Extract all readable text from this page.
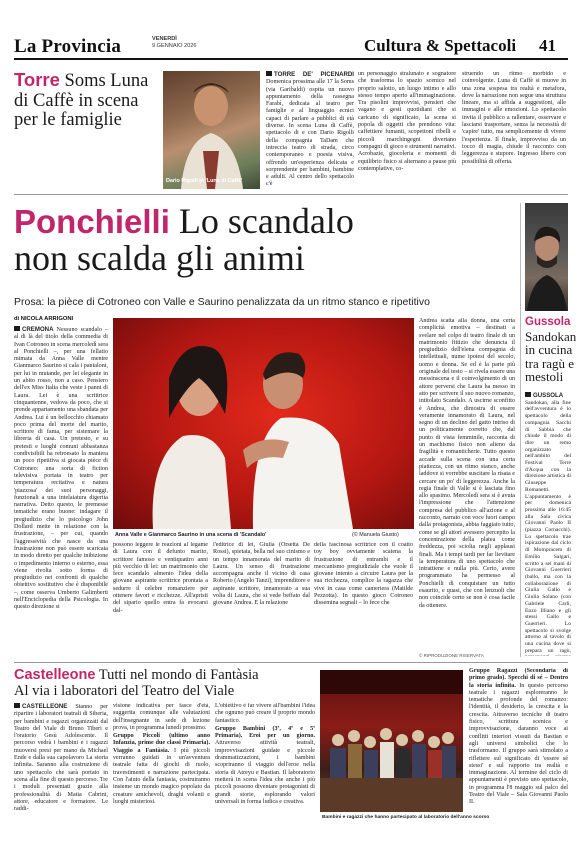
La Provincia	VENERDÌ
9 GENNAIO 2026	Cultura & Spettacoli 41
Torre Soms Luna di Caffè in scena per le famiglie
Dario Rigolli in 'Luna di Caffè'
TORRE DE' PICENARDI Domenica prossima alle 17 la Soms (via Garibaldi) ospita un nuovo appuntamento della rassegna Farabì, dedicata al teatro per famiglie e al linguaggio ecnici capaci di parlare a pubblici di età diverse. In scena Luna di Caffè, spettacolo di e con Dario Rigolli della compagnia TaDam che intreccia teatro di strada, circo contemporaneo e poesia visiva, offrendo un'esperienza delicata e sorprendente per bambini, bambine e adulti. Al centro dello spettacolo c'è
un personaggio stralunato e sognatore che trasforma lo spazio scenico nel proprio salotto, un luogo intimo e allo stesso tempo aperto all'immaginazione. Tra pisolini improvvisi, pensieri che vagano e gesti quotidiani che si caricano di significato, la scena si popola di oggetti che prendono vita: caffettiere fumanti, scopettoni ribelli e piccoli marchingegni divertano compagni di gioco e strumenti narrativi. Acrobazie, giocoleria e momenti di equilibrio fisico si alternano a pause più contemplative, co-
struendo un ritmo morbido e coinvolgente. Luna di Caffè si muove in una zona sospesa tra realtà e metafora, dove la narrazione non segue una struttura lineare, ma si affida a suggestioni, alle immagini e alle emozioni. Lo spettacolo invita il pubblico a rallentare, osservare e lasciarsi trasportare, senza la necessità di 'capire' tutto, ma semplicemente di vivere l'esperienza. Il finale, improvviso da un tocco di magia, chiude il racconto con leggerezza e stupore. Ingresso libero con possibilità di offerta.
Ponchielli Lo scandalo
non scalda gli animi
Prosa: la pièce di Cotroneo con Valle e Saurino penalizzata da un ritmo stanco e ripetitivo
di NICOLA ARRIGONI
CREMONA Nessuno scandalo – al di là del titolo della commedia di Ivan Cotroneo in scena mercoledì sera al Ponchielli –, per una fellatio mimata da Anna Valle mentre Gianmarco Saurino si cala i pantaloni, per lui in mutande, per lei elegante in un abito rosso, non a caso. Pensiero dell'ex Miss Italia che veste i panni di Laura. Lei è una scrittrice cinquantenne, vedova da poco, che si prende appartamento una sbandata per Andrea. Lui è un bellocchio chiamato poco prima del morte del marito, scrittore di fama, per sistemare la libreria di casa. Un pretesto, e su pretesti e luoghi comuni abbastanza condivisibili ha retroesato la maniera un poco ripetitiva si giocata pièce di Cotroneo: una sorta di fiction televisiva portata in teatro per temperatura recitativa e natura 'piazzosa' dei suoi personaggi, funzionali a una intelaiatura digerita narrativa. Detto questo, le premesse tematiche erano buone: indagare il pregiudizio che lo psicologo John Dollard mette in relazione con la frustrazione, – per cui, quando l'aggressività che nasce da una frustrazione non può essere scaricata in modo diretto per qualche inibizione o impedimento interno o esterno, essa viene rivolta sotto forma di pregiudizio nei confronti di qualche obiettivo sostitutivo che è disponibile –, come osserva Umberto Galimberti nell'Enciclopedia della Psicologia. In questo direzione si
Anna Valle e Gianmarco Saurino in una scena di 'Scandalo'	(© Manuela Giusto)
possono leggere le reazioni al legame di Laura con il defunto marito, scrittore famoso e ventiquattro anni più vecchio di lei: un matrimonio che fece scandalo almento l'idea della giovane aspirante scrittrice prontata a sedurre il celebre romanziere per ottenere favori e ricchezze. All'apristi del sipario quello entra fa evocarsi dal-
l'editrice di lei, Giulia (Orsetta De Rossi), spietata, bella nel suo cinismo e un tempo innamorata del marito di Laura. Un senso di frustrazione accompagna anche il vicino di casa Roberto (Angelo Tanzi), imprenditore e aspirante scrittore, innamorato a sua volta di Laura, che si vede beffato dal giovane Andrea. E la relazione
della fascinosa scrittrice con il coatto toy boy ovviamente scatena la frustrazione di entrambi e il meccanismo pregiudiziale che vuole il giovane intento a circuire Laura per la sua ricchezza, complice la ragazza che vive in casa come cameriera (Matilde Pezzotta). In questo gioco Cotroneo dissemina segnali – lo fece che
Andrea scatta alla donna, una certa complicità emotiva – destinati a svelare nel colpo di teatro finale di un matrimonio fittizio che denuncia il pregiudizio dell'elena compagnia di intellettuali, nume ipotesi del secolo, uomo e donna. Se ed è la parte più originale del testo – si rivela essere una messinscena e il coinvolgimento di un attore perversi che Laura ha messo in atto per scrivere il suo nuovo romanzo, intitolato Scandalo. A uscirne sconfitto è Andrea, che dimostra di essere veramente innamorato di Laura, nel segno di un declino del gatto intriso di un politicamente corretto che, dal punto di vista femminile, racconta di un machismo fisico non alieno da fragilità e romanticherie. Tutto questo accade sulla scena con una certa piattezza, con un ritmo stanco, anche laddove si vorrebbe suscitare la risata e cercare un po' di leggerezza. Anche la regia finale di Valle si è lasciata fino allo spasimo. Mercoledì sera si è avuta l'impressione che l'attenzione compresa del pubblico all'azione e al racconto, narrato con voce fuori campo dalla protagonista, abbia faggiato tutto, come se gli attori avessero percepito la concentrazione della platea come freddezza, poi sciolta negli applausi finali. Ma i tempi tardi per far lievitare la temperatura di uno spettacolo che intrattiene e nulla più. Certo, avere programmato ha permesso al Ponchielli di conquistare un tutto esaurito, e quasi, che con lenzuoli che non coincide certo se non è cosa facile da ottenere.
© RIPRODUZIONE RISERVATA
Gussola
Sandokan in cucina tra ragù e mestoli
GUSSOLA Sandokan, alla fine dell'avventura è lo spettacolo della compagnia Sacchi di Sabbia che chiude il modo di dire un remo organizzato nell'ambito del Festival Terre d'Acqua con la direzione artistica di Giuseppe Romanetti. L'appuntamento è per domenica prossima alle 16:45 alla Sala civica Giovanni Paolo II (piazza Cornacchi). Lo spettacolo trae ispirazione dal ciclo di Mompracem di Emilio Salgari, scritto a sei mani di Giovanni Guerrieri (ballo, ma con la collaborazione di Giulia Gallo e Giulia Solano (con Gabriele Carli, Enzo Illiano e gli stessi Gallo e Guerrieri. Lo spettacolo si svolge attorno al tavolo di una cucina dove si prepara un ragù,
Castelleone Tutti nel mondo di Fantàsia
Al via i laboratori del Teatro del Viale
CASTELLEONE Stanno per ripartire i laboratori teatrali di Siberia, per bambini e ragazzi organizzati dal Teatro del Viale di Bruno Tiberi e l'oratorio Gesù Adolescente. Il percorso vedrà i bambini e i ragazzi muoversi presi per mano da Michael Ende e dalla sua capolavoro La storia infinita. Saranno alla costruzione di uno spettacolo che sarà portato in scena alla fine di questo percorso. Tre i moduli presentati grazie alla professionalità di Matia Cabrini, attore, educatore e formatore. Le raddi-

visione indicativa per fasce d'età, suggerita comunque alle valutazioni dell'insegnante in sede di lezione prova, in programma lunedì prossimo.

Gruppo Piccoli (ultimo anno Infanzia, prime due classi Primaria). Viaggio a Fantàsia. I più piccoli verranno guidati in un'avventura teatrale fatta di giochi di ruolo, travestimenti e narrazione partecipata. Con l'aiuto della fantasia, costruiranno insieme un mondo magico popolato da creature amichevoli, draghi volanti e luoghi misteriosi.

L'obiettivo è far vivere all'bambini l'idea che ognuno può creare il proprio mondo fantastico.

Gruppo Bambini (3ª, 4ª e 5ª Primaria). Eroi per un giorno. Attraverso attività teatrali, improvvisazioni guidate e piccole drammatizzazioni, i bambini scopriranno il viaggio dell'eroe nella storia di Atreyu e Bastian. Il laboratorio metterà in scena l'idea che anche i più piccoli possono diventare protagonisti di grandi storie, esplorando valori universali in forma ludica e creativa.

Bambini e ragazzi che hanno partecipato al laboratorio dell'anno scorso

Gruppo Ragazzi (Secondaria di primo grado). Specchi di sé – Dentro la storia infinita. In questo percorso teatrale i ragazzi esploreranno le tematiche profonde del romanzo: l'identità, il desiderio, la crescita e la crescita. Attraverso tecniche di teatro fisico, scrittura scenica e improvvisazione, daranno voce ai conflitti interiori vissuti da Bastian e agli universi simbolici che lo trasformano. Il gruppo sarà stimolato a riflettere sul significato di 'essere sé stessi' e sul rapporto tra realtà e immaginazione. Al termine del ciclo di appuntamenti è previsto uno spettacolo, in programma l'8 maggio sul palco del Teatro del Viale – Sala Giovanni Paolo II.
